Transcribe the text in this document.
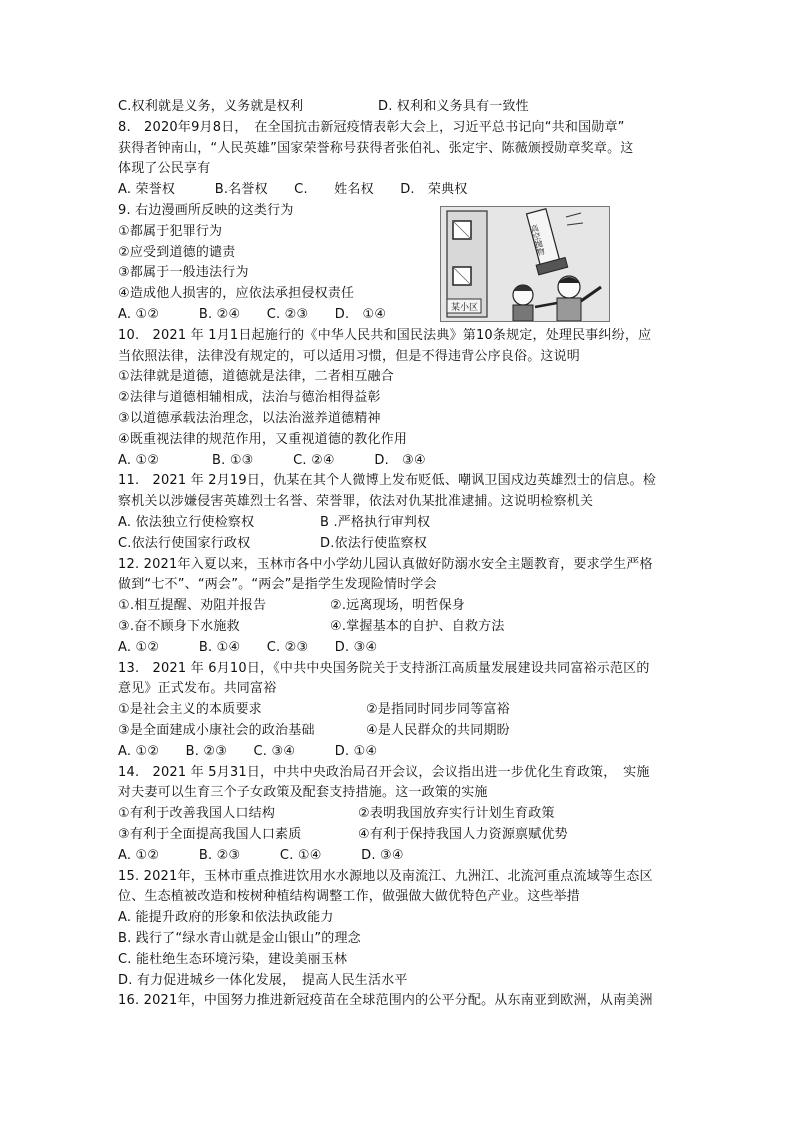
C.权利就是义务，义务就是权利	D. 权利和义务具有一致性
8.　2020年9月8日，　在全国抗击新冠疫情表彰大会上，习近平总书记向“共和国勋章”
获得者钟南山，“人民英雄”国家荣誉称号获得者张伯礼、张定宇、陈薇颁授勋章奖章。这
体现了公民享有
A. 荣誉权　　　B.名誉权　　C.　　姓名权　　D.　荣典权
9. 右边漫画所反映的这类行为
①都属于犯罪行为
②应受到道德的谴责
③都属于一般违法行为
④造成他人损害的，应依法承担侵权责任
A. ①②　　　B. ②④　　C. ②③　　D.　①④
10.　2021 年 1月1日起施行的《中华人民共和国民法典》第10条规定，处理民事纠纷，应
当依照法律，法律没有规定的，可以适用习惯，但是不得违背公序良俗。这说明
①法律就是道德，道德就是法律，二者相互融合
②法律与道德相辅相成，法治与德治相得益彰
③以道德承载法治理念，以法治滋养道德精神
④既重视法律的规范作用，又重视道德的教化作用
A. ①②　　　　B. ①③　　　C. ②④　　　D.　③④
11.　2021 年 2月19日，仇某在其个人微博上发布贬低、嘲讽卫国戍边英雄烈士的信息。检
察机关以涉嫌侵害英雄烈士名誉、荣誉罪，依法对仇某批准逮捕。这说明检察机关
A. 依法独立行使检察权	B .严格执行审判权
C.依法行使国家行政权	D.依法行使监察权
12. 2021年入夏以来，玉林市各中小学幼儿园认真做好防溺水安全主题教育，要求学生严格
做到“七不”、“两会”。“两会”是指学生发现险情时学会
①.相互提醒、劝阻并报告	②.远离现场，明哲保身
③.奋不顾身下水施救	④.掌握基本的自护、自救方法
A. ①②　　　B. ①④　　C. ②③　　D. ③④
13.　2021 年 6月10日，《中共中央国务院关于支持浙江高质量发展建设共同富裕示范区的
意见》正式发布。共同富裕
①是社会主义的本质要求	②是指同时同步同等富裕
③是全面建成小康社会的政治基础	④是人民群众的共同期盼
A. ①②　　B. ②③　　C. ③④　　　D. ①④
14.　2021 年 5月31日，中共中央政治局召开会议，会议指出进一步优化生育政策，　实施
对夫妻可以生育三个子女政策及配套支持措施。这一政策的实施
①有利于改善我国人口结构	②表明我国放弃实行计划生育政策
③有利于全面提高我国人口素质	④有利于保持我国人力资源禀赋优势
A. ①②　　　B. ②③　　　C. ①④　　　D. ③④
15. 2021年，玉林市重点推进饮用水水源地以及南流江、九洲江、北流河重点流域等生态区
位、生态植被改造和桉树种植结构调整工作，做强做大做优特色产业。这些举措
A. 能提升政府的形象和依法执政能力
B. 践行了“绿水青山就是金山银山”的理念
C. 能杜绝生态环境污染，建设美丽玉林
D. 有力促进城乡一体化发展，　提高人民生活水平
16. 2021年，中国努力推进新冠疫苗在全球范围内的公平分配。从东南亚到欧洲，从南美洲
某小区
高空抛物
